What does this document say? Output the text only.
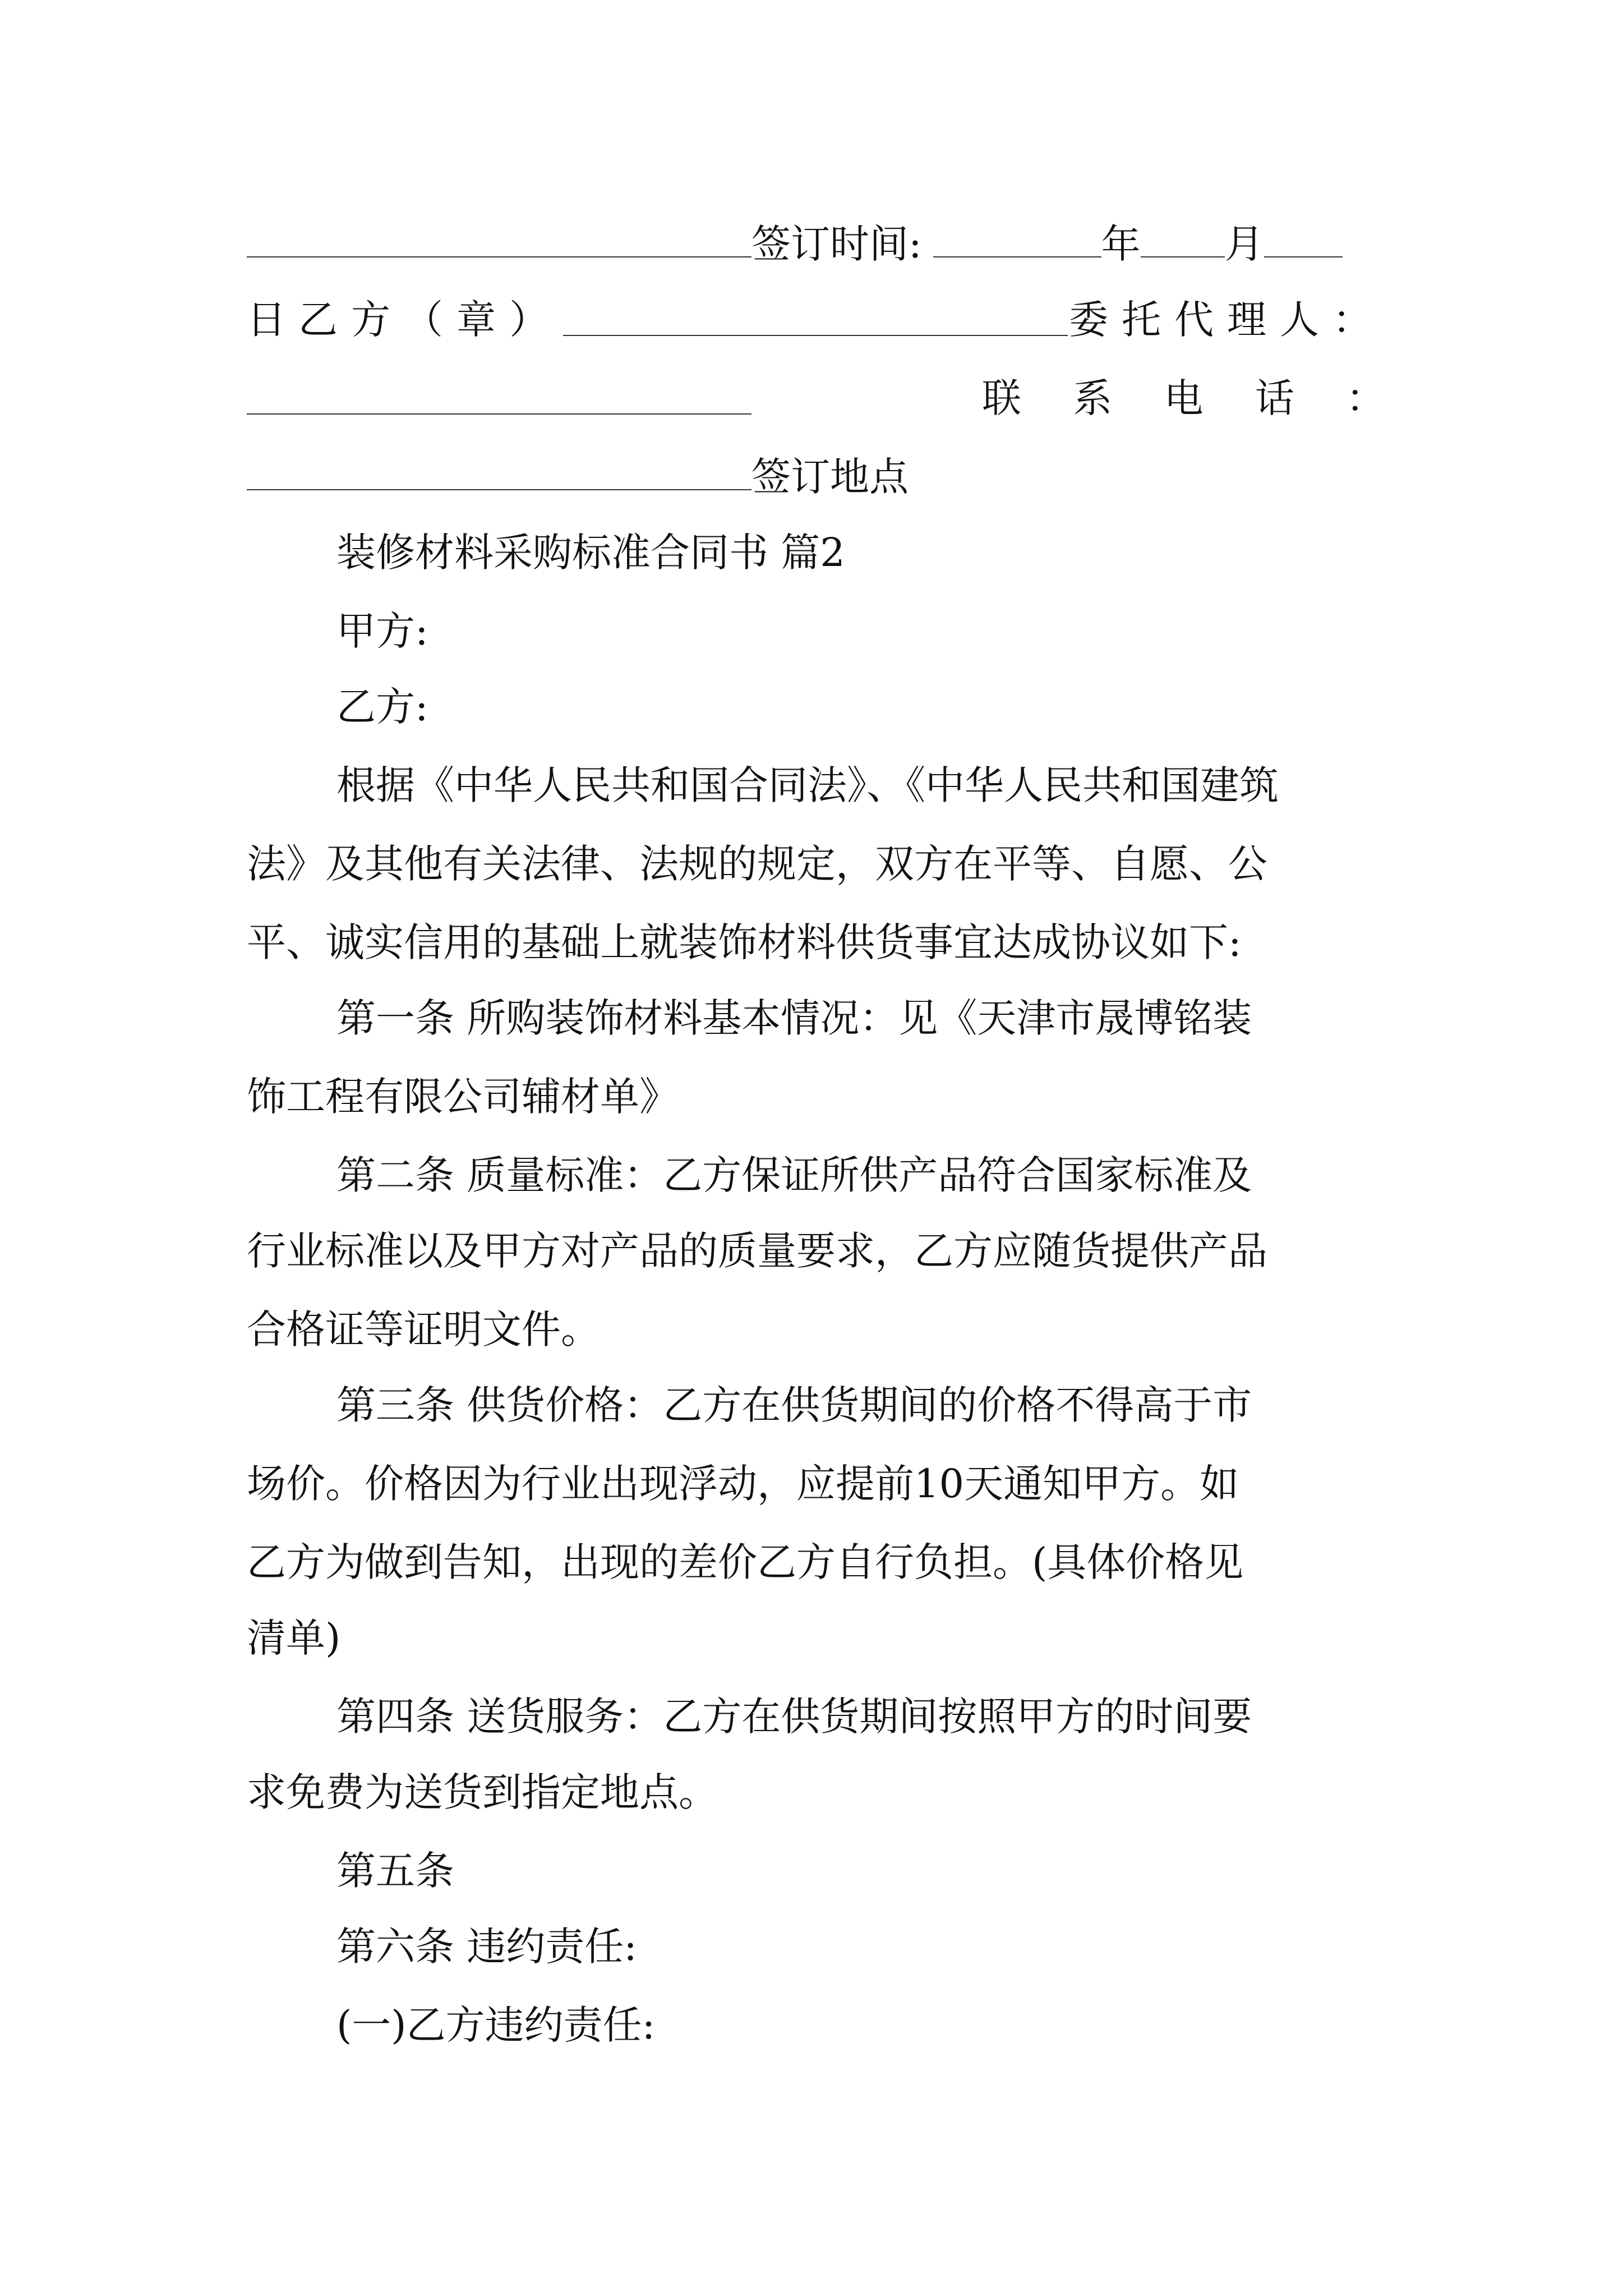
签订时间:	年 月
日 乙方（章）	委托代理人：
联 系 电 话 ：
签订地点
装修材料采购标准合同书 篇2
甲方:
乙方:
根据《中华人民共和国合同法》、《中华人民共和国建筑
法》及其他有关法律、法规的规定，双方在平等、自愿、公
平、诚实信用的基础上就装饰材料供货事宜达成协议如下:
第一条 所购装饰材料基本情况：见《天津市晟博铭装
饰工程有限公司辅材单》
第二条 质量标准：乙方保证所供产品符合国家标准及
行业标准以及甲方对产品的质量要求，乙方应随货提供产品
合格证等证明文件。
第三条 供货价格：乙方在供货期间的价格不得高于市
场价。价格因为行业出现浮动，应提前10天通知甲方。如
乙方为做到告知，出现的差价乙方自行负担。(具体价格见
清单)
第四条 送货服务：乙方在供货期间按照甲方的时间要
求免费为送货到指定地点。
第五条
第六条 违约责任:
(一)乙方违约责任:
